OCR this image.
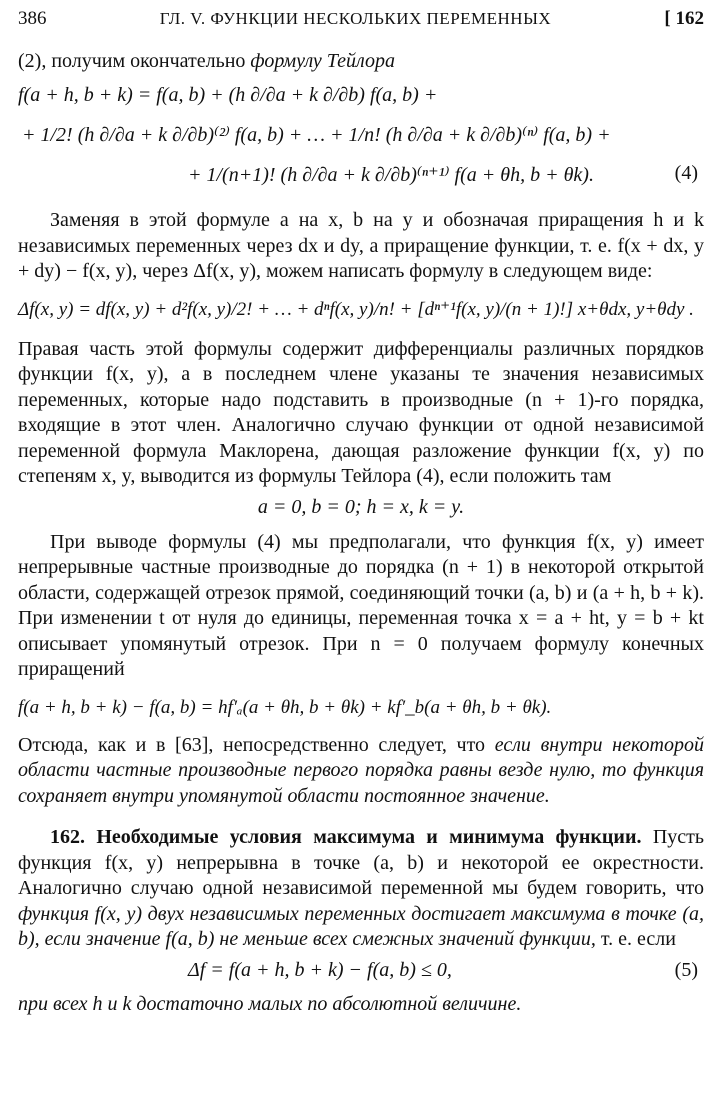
386	ГЛ. V. ФУНКЦИИ НЕСКОЛЬКИХ ПЕРЕМЕННЫХ	[ 162
(2), получим окончательно формулу Тейлора
f(a + h, b + k) = f(a, b) + (h ∂/∂a + k ∂/∂b) f(a, b) +
+ 1/2! (h ∂/∂a + k ∂/∂b)⁽²⁾ f(a, b) + … + 1/n! (h ∂/∂a + k ∂/∂b)⁽ⁿ⁾ f(a, b) +
+ 1/(n+1)! (h ∂/∂a + k ∂/∂b)⁽ⁿ⁺¹⁾ f(a + θh, b + θk).	(4)

Заменяя в этой формуле a на x, b на y и обозначая приращения h и k независимых переменных через dx и dy, а приращение функции, т. е. f(x + dx, y + dy) − f(x, y), через Δf(x, y), можем написать формулу в следующем виде:

Δf(x, y) = df(x, y) + d²f(x, y)/2! + … + dⁿf(x, y)/n! + [dⁿ⁺¹f(x, y)/(n + 1)!] x+θdx, y+θdy .

Правая часть этой формулы содержит дифференциалы различных порядков функции f(x, y), а в последнем члене указаны те значения независимых переменных, которые надо подставить в производные (n + 1)-го порядка, входящие в этот член. Аналогично случаю функции от одной независимой переменной формула Маклорена, дающая разложение функции f(x, y) по степеням x, y, выводится из формулы Тейлора (4), если положить там

a = 0, b = 0; h = x, k = y.

При выводе формулы (4) мы предполагали, что функция f(x, y) имеет непрерывные частные производные до порядка (n + 1) в некоторой открытой области, содержащей отрезок прямой, соединяющий точки (a, b) и (a + h, b + k). При изменении t от нуля до единицы, переменная точка x = a + ht, y = b + kt описывает упомянутый отрезок. При n = 0 получаем формулу конечных приращений

f(a + h, b + k) − f(a, b) = hf′ₐ(a + θh, b + θk) + kf′_b(a + θh, b + θk).

Отсюда, как и в [63], непосредственно следует, что если внутри некоторой области частные производные первого порядка равны везде нулю, то функция сохраняет внутри упомянутой области постоянное значение.

162. Необходимые условия максимума и минимума функции. Пусть функция f(x, y) непрерывна в точке (a, b) и некоторой ее окрестности. Аналогично случаю одной независимой переменной мы будем говорить, что функция f(x, y) двух независимых переменных достигает максимума в точке (a, b), если значение f(a, b) не меньше всех смежных значений функции, т. е. если

Δf = f(a + h, b + k) − f(a, b) ≤ 0,	(5)
при всех h и k достаточно малых по абсолютной величине.
